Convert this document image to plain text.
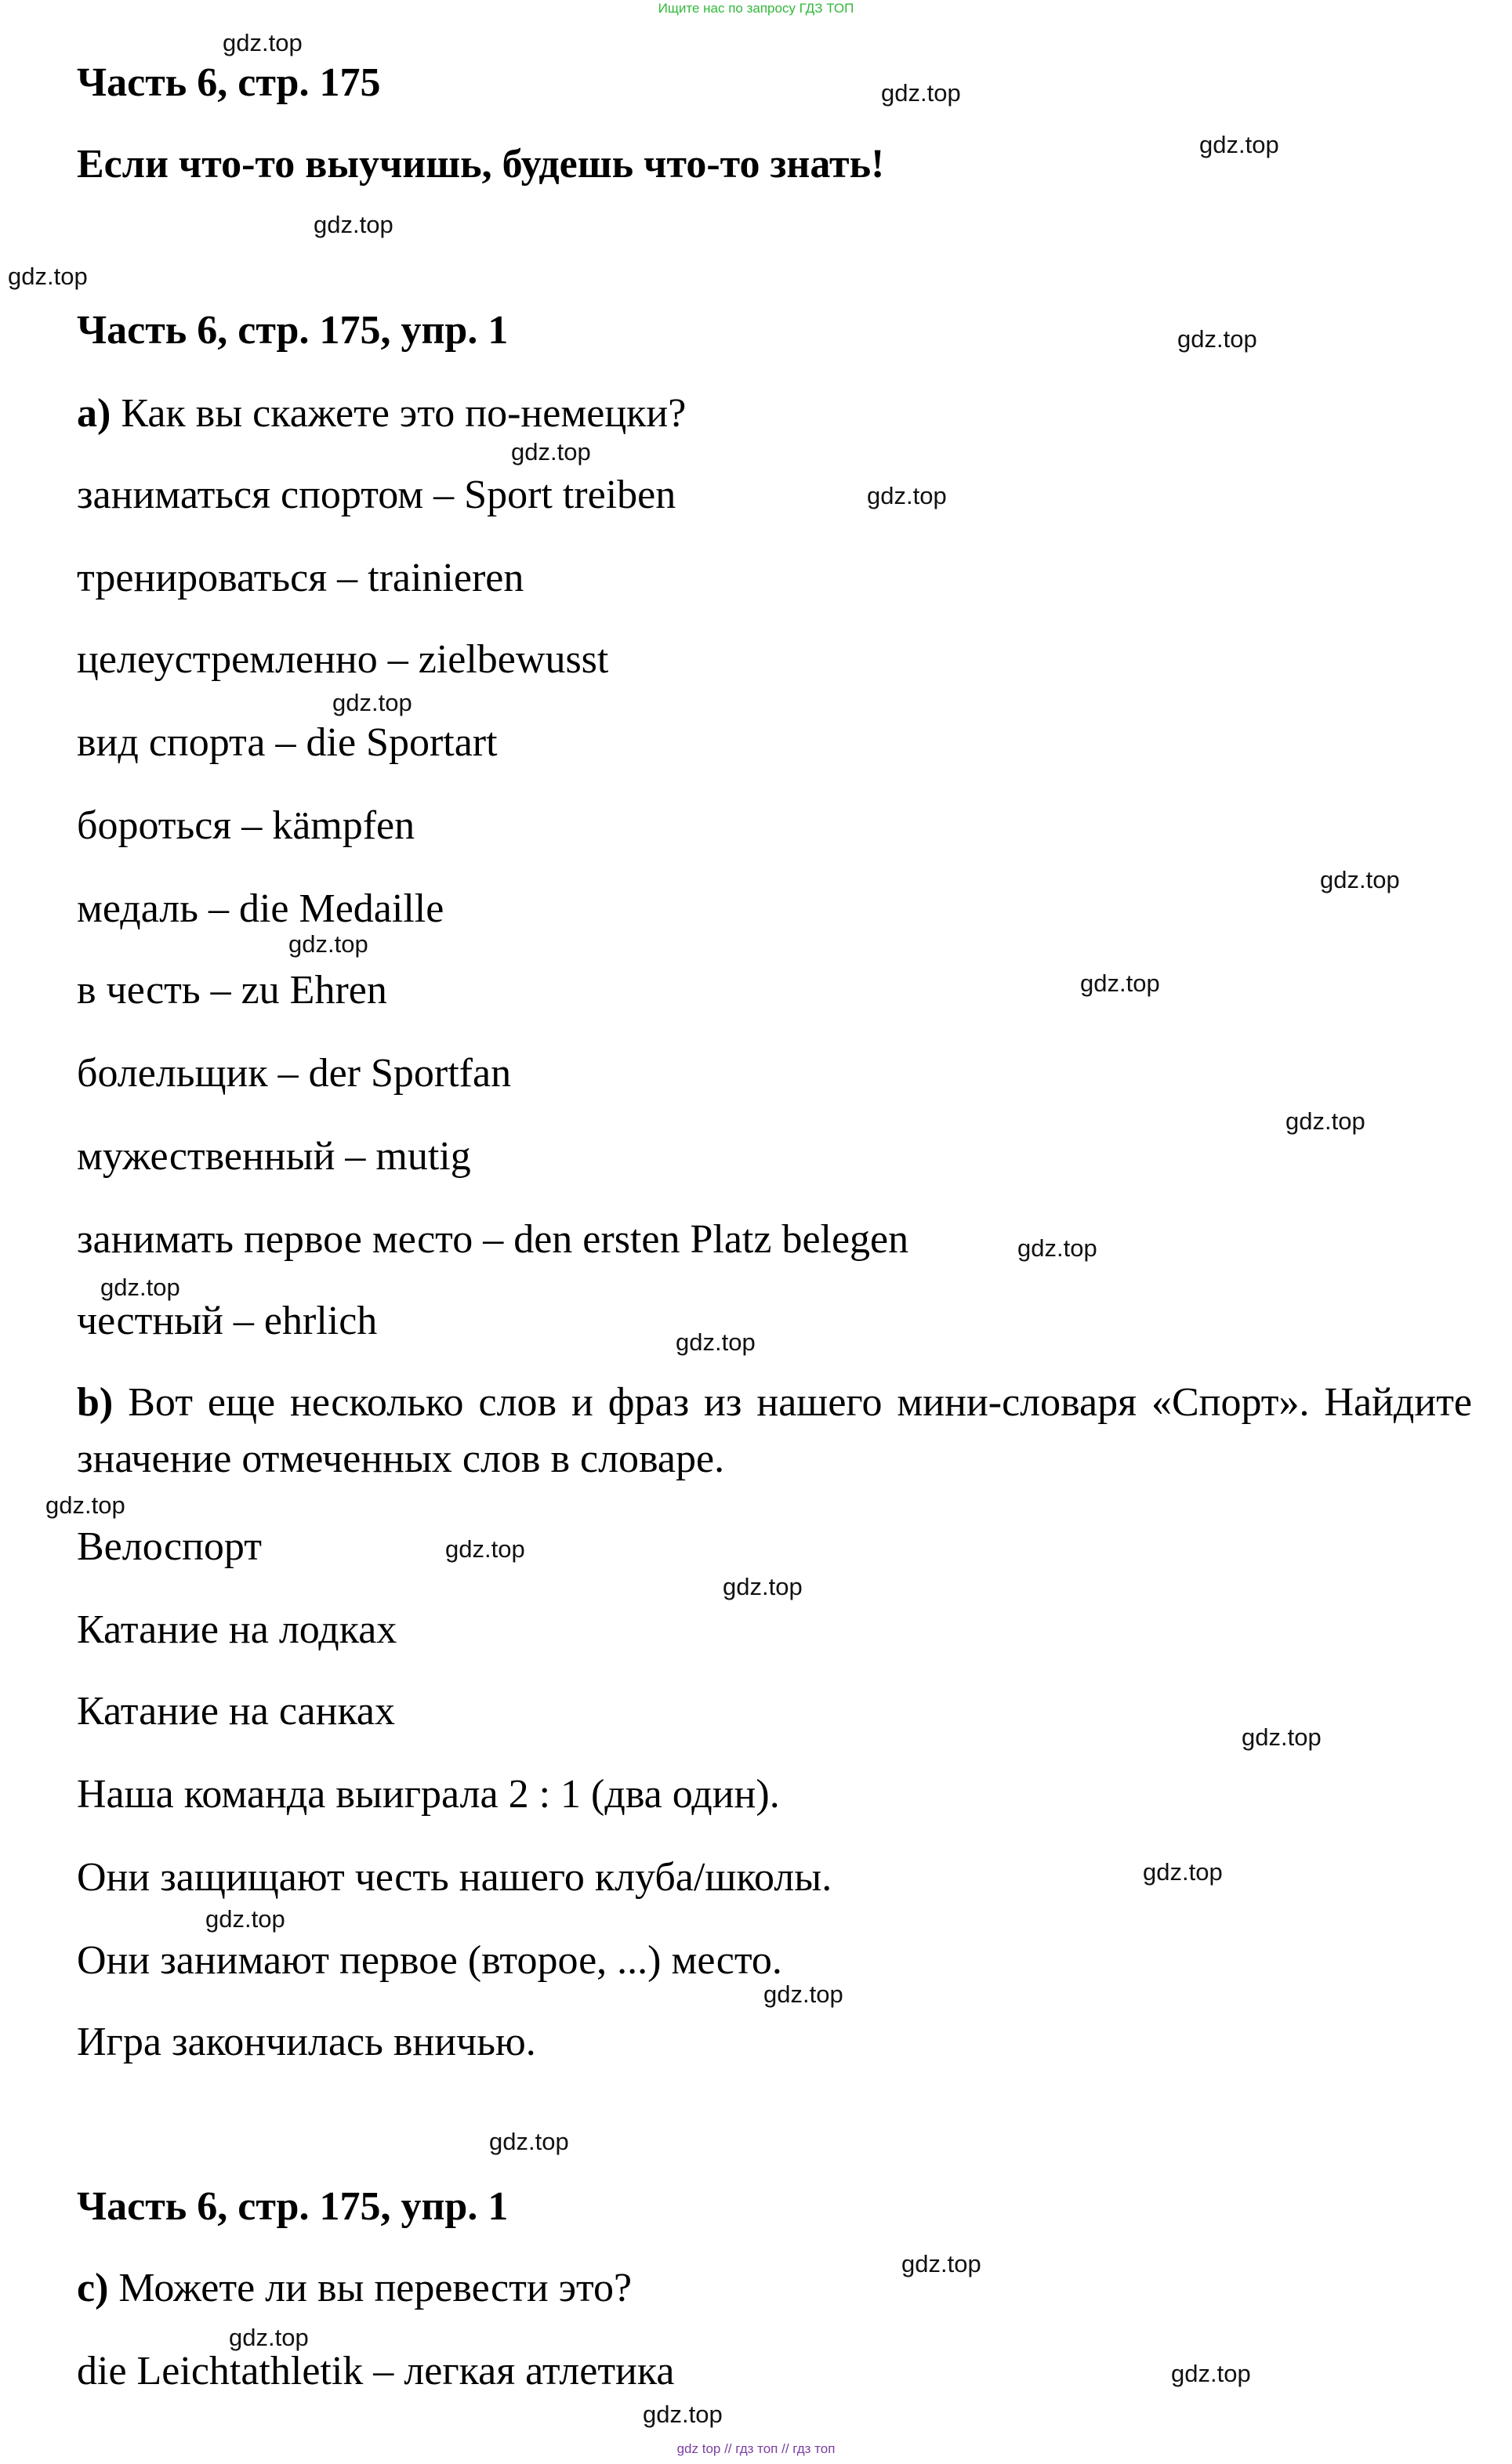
Ищите нас по запросу ГДЗ ТОП
Часть 6, стр. 175
Если что-то выучишь, будешь что-то знать!
Часть 6, стр. 175, упр. 1
a) Как вы скажете это по-немецки?
заниматься спортом – Sport treiben
тренироваться – trainieren
целеустремленно – zielbewusst
вид спорта – die Sportart
бороться – kämpfen
медаль – die Medaille
в честь – zu Ehren
болельщик – der Sportfan
мужественный – mutig
занимать первое место – den ersten Platz belegen
честный – ehrlich
b) Вот еще несколько слов и фраз из нашего мини-словаря «Спорт». Найдите значение отмеченных слов в словаре.
Велоспорт
Катание на лодках
Катание на санках
Наша команда выиграла 2 : 1 (два один).
Они защищают честь нашего клуба/школы.
Они занимают первое (второе, ...) место.
Игра закончилась вничью.
Часть 6, стр. 175, упр. 1
c) Можете ли вы перевести это?
die Leichtathletik – легкая атлетика
gdz.top
gdz.top
gdz.top
gdz.top
gdz.top
gdz.top
gdz.top
gdz.top
gdz.top
gdz.top
gdz.top
gdz.top
gdz.top
gdz.top
gdz.top
gdz.top
gdz.top
gdz.top
gdz.top
gdz.top
gdz.top
gdz.top
gdz.top
gdz.top
gdz.top
gdz.top
gdz.top
gdz.top
gdz top // гдз топ // гдз топ
